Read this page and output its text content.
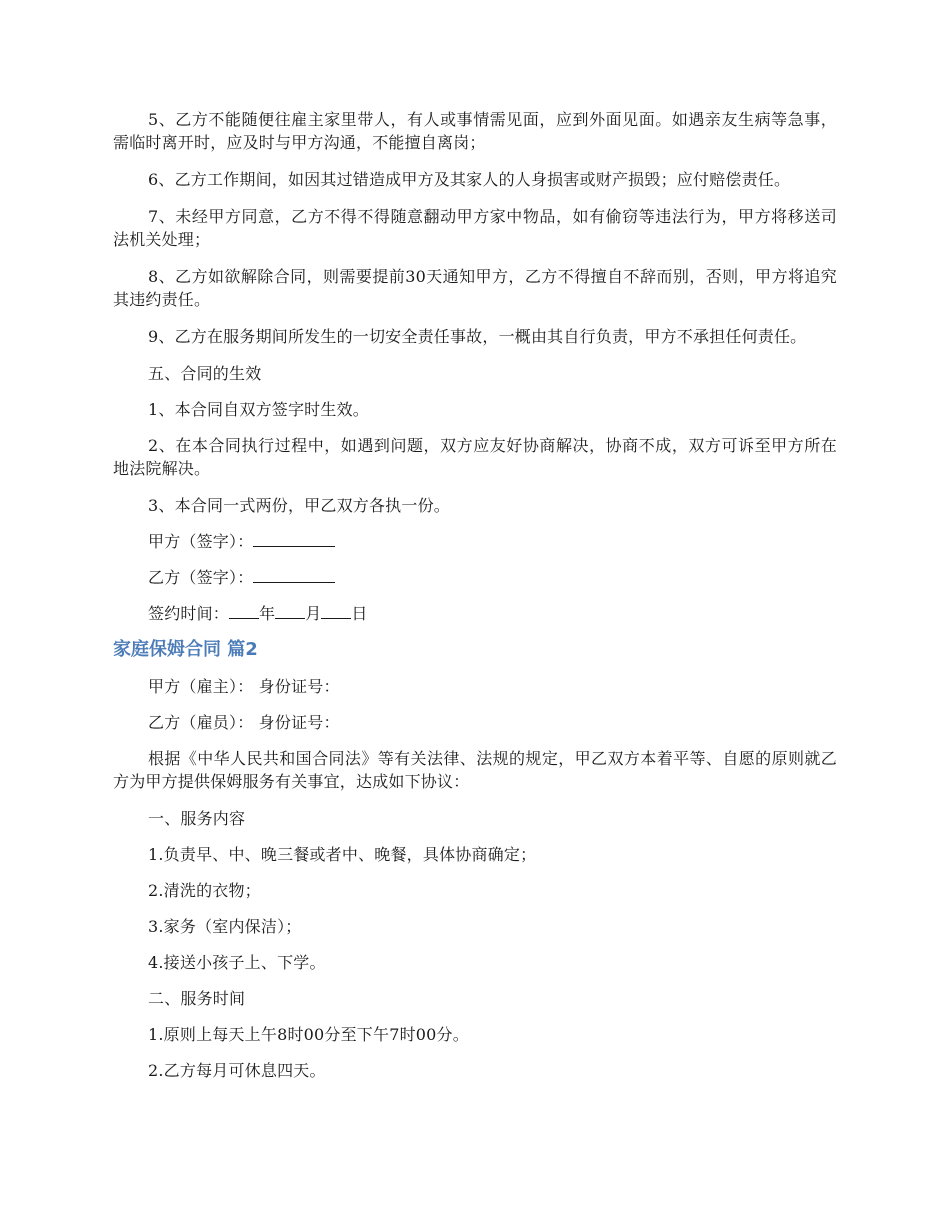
5、乙方不能随便往雇主家里带人，有人或事情需见面，应到外面见面。如遇亲友生病等急事，需临时离开时，应及时与甲方沟通，不能擅自离岗；

6、乙方工作期间，如因其过错造成甲方及其家人的人身损害或财产损毁；应付赔偿责任。

7、未经甲方同意，乙方不得不得随意翻动甲方家中物品，如有偷窃等违法行为，甲方将移送司法机关处理；

8、乙方如欲解除合同，则需要提前30天通知甲方，乙方不得擅自不辞而别，否则，甲方将追究其违约责任。

9、乙方在服务期间所发生的一切安全责任事故，一概由其自行负责，甲方不承担任何责任。

五、合同的生效

1、本合同自双方签字时生效。

2、在本合同执行过程中，如遇到问题，双方应友好协商解决，协商不成，双方可诉至甲方所在地法院解决。

3、本合同一式两份，甲乙双方各执一份。

甲方（签字）：

乙方（签字）：

签约时间： 年 月 日

家庭保姆合同 篇2

甲方（雇主）： 身份证号：

乙方（雇员）： 身份证号：

根据《中华人民共和国合同法》等有关法律、法规的规定，甲乙双方本着平等、自愿的原则就乙方为甲方提供保姆服务有关事宜，达成如下协议：

一、服务内容

1.负责早、中、晚三餐或者中、晚餐，具体协商确定；

2.清洗的衣物；

3.家务（室内保洁）；

4.接送小孩子上、下学。

二、服务时间

1.原则上每天上午8时00分至下午7时00分。

2.乙方每月可休息四天。
